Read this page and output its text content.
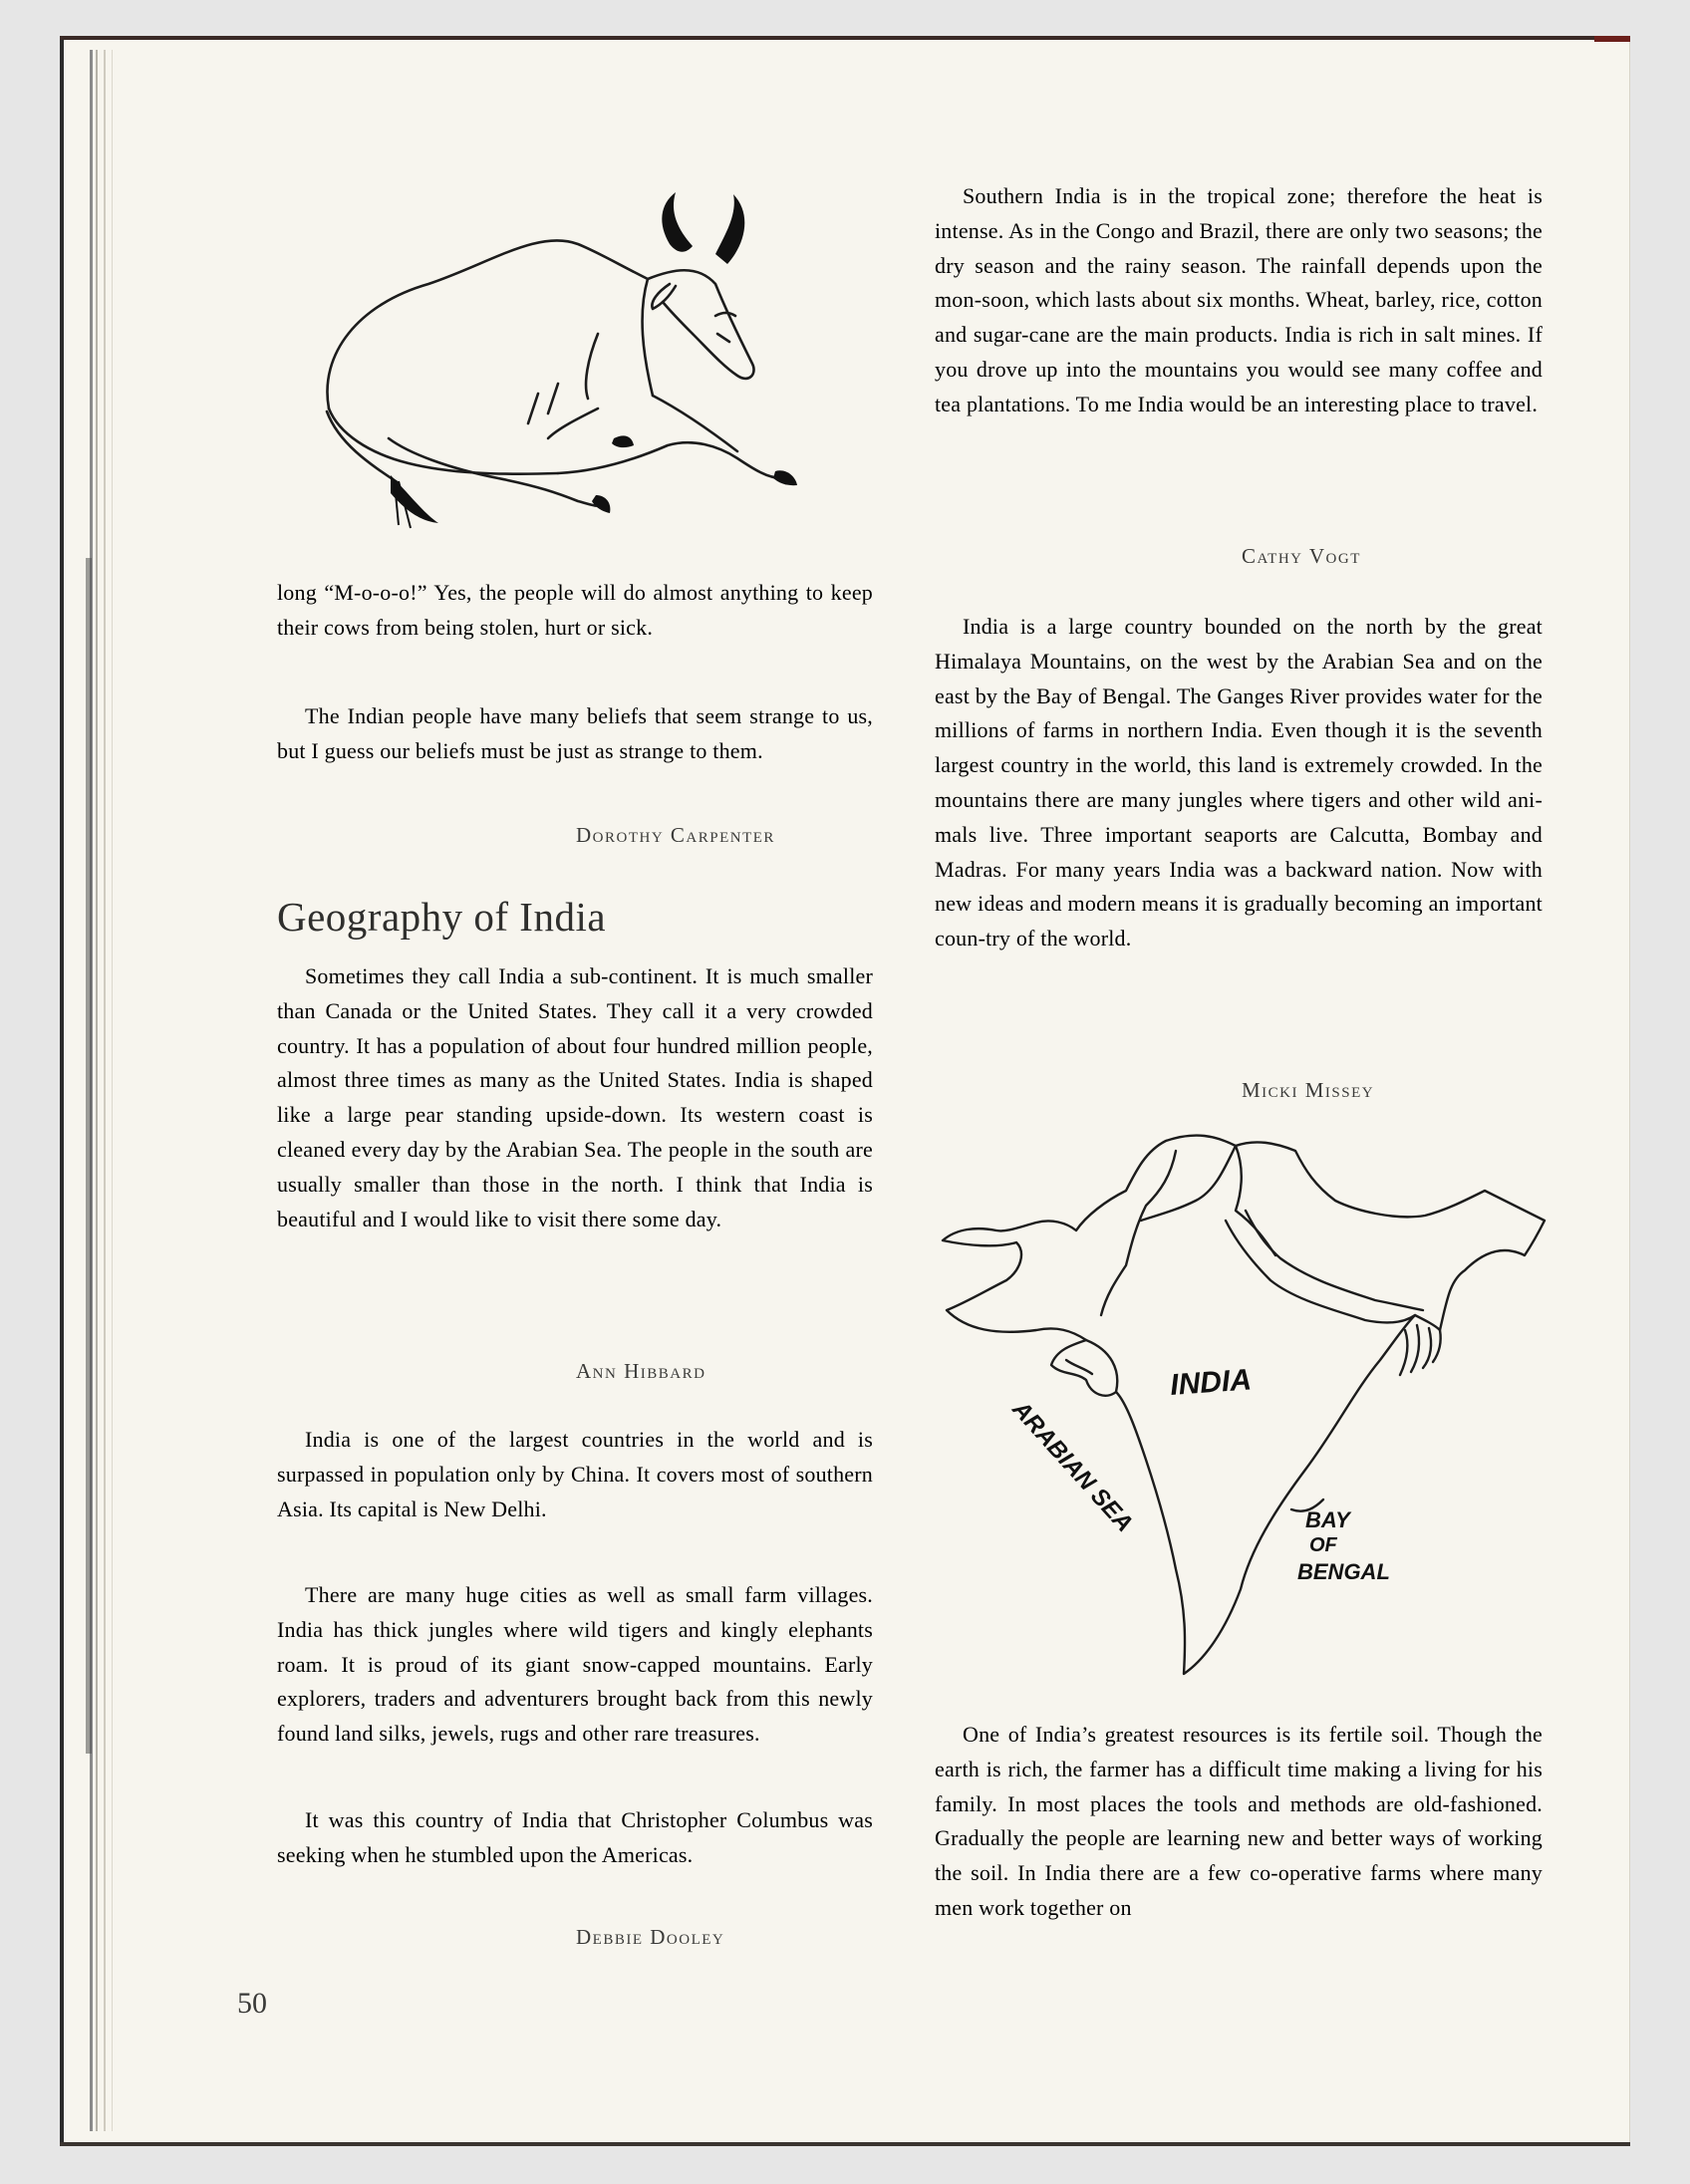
long “M-o-o-o!” Yes, the people will do almost anything to keep their cows from being stolen, hurt or sick.

The Indian people have many beliefs that seem strange to us, but I guess our beliefs must be just as strange to them.

Dorothy Carpenter

Geography of India

Sometimes they call India a sub-continent. It is much smaller than Canada or the United States. They call it a very crowded country. It has a population of about four hundred million people, almost three times as many as the United States. India is shaped like a large pear standing upside-down. Its western coast is cleaned every day by the Arabian Sea. The people in the south are usually smaller than those in the north. I think that India is beautiful and I would like to visit there some day.

Ann Hibbard

India is one of the largest countries in the world and is surpassed in population only by China. It covers most of southern Asia. Its capital is New Delhi.

There are many huge cities as well as small farm villages. India has thick jungles where wild tigers and kingly elephants roam. It is proud of its giant snow-capped mountains. Early explorers, traders and adventurers brought back from this newly found land silks, jewels, rugs and other rare treasures.

It was this country of India that Christopher Columbus was seeking when he stumbled upon the Americas.

Debbie Dooley

Southern India is in the tropical zone; therefore the heat is intense. As in the Congo and Brazil, there are only two seasons; the dry season and the rainy season. The rainfall depends upon the mon-soon, which lasts about six months. Wheat, barley, rice, cotton and sugar-cane are the main products. India is rich in salt mines. If you drove up into the mountains you would see many coffee and tea plantations. To me India would be an interesting place to travel.

Cathy Vogt

India is a large country bounded on the north by the great Himalaya Mountains, on the west by the Arabian Sea and on the east by the Bay of Bengal. The Ganges River provides water for the millions of farms in northern India. Even though it is the seventh largest country in the world, this land is extremely crowded. In the mountains there are many jungles where tigers and other wild ani-mals live. Three important seaports are Calcutta, Bombay and Madras. For many years India was a backward nation. Now with new ideas and modern means it is gradually becoming an important coun-try of the world.

Micki Missey

INDIA
ARABIAN SEA	BAY
OF
BENGAL

One of India’s greatest resources is its fertile soil. Though the earth is rich, the farmer has a difficult time making a living for his family. In most places the tools and methods are old-fashioned. Gradually the people are learning new and better ways of working the soil. In India there are a few co-operative farms where many men work together on

50
